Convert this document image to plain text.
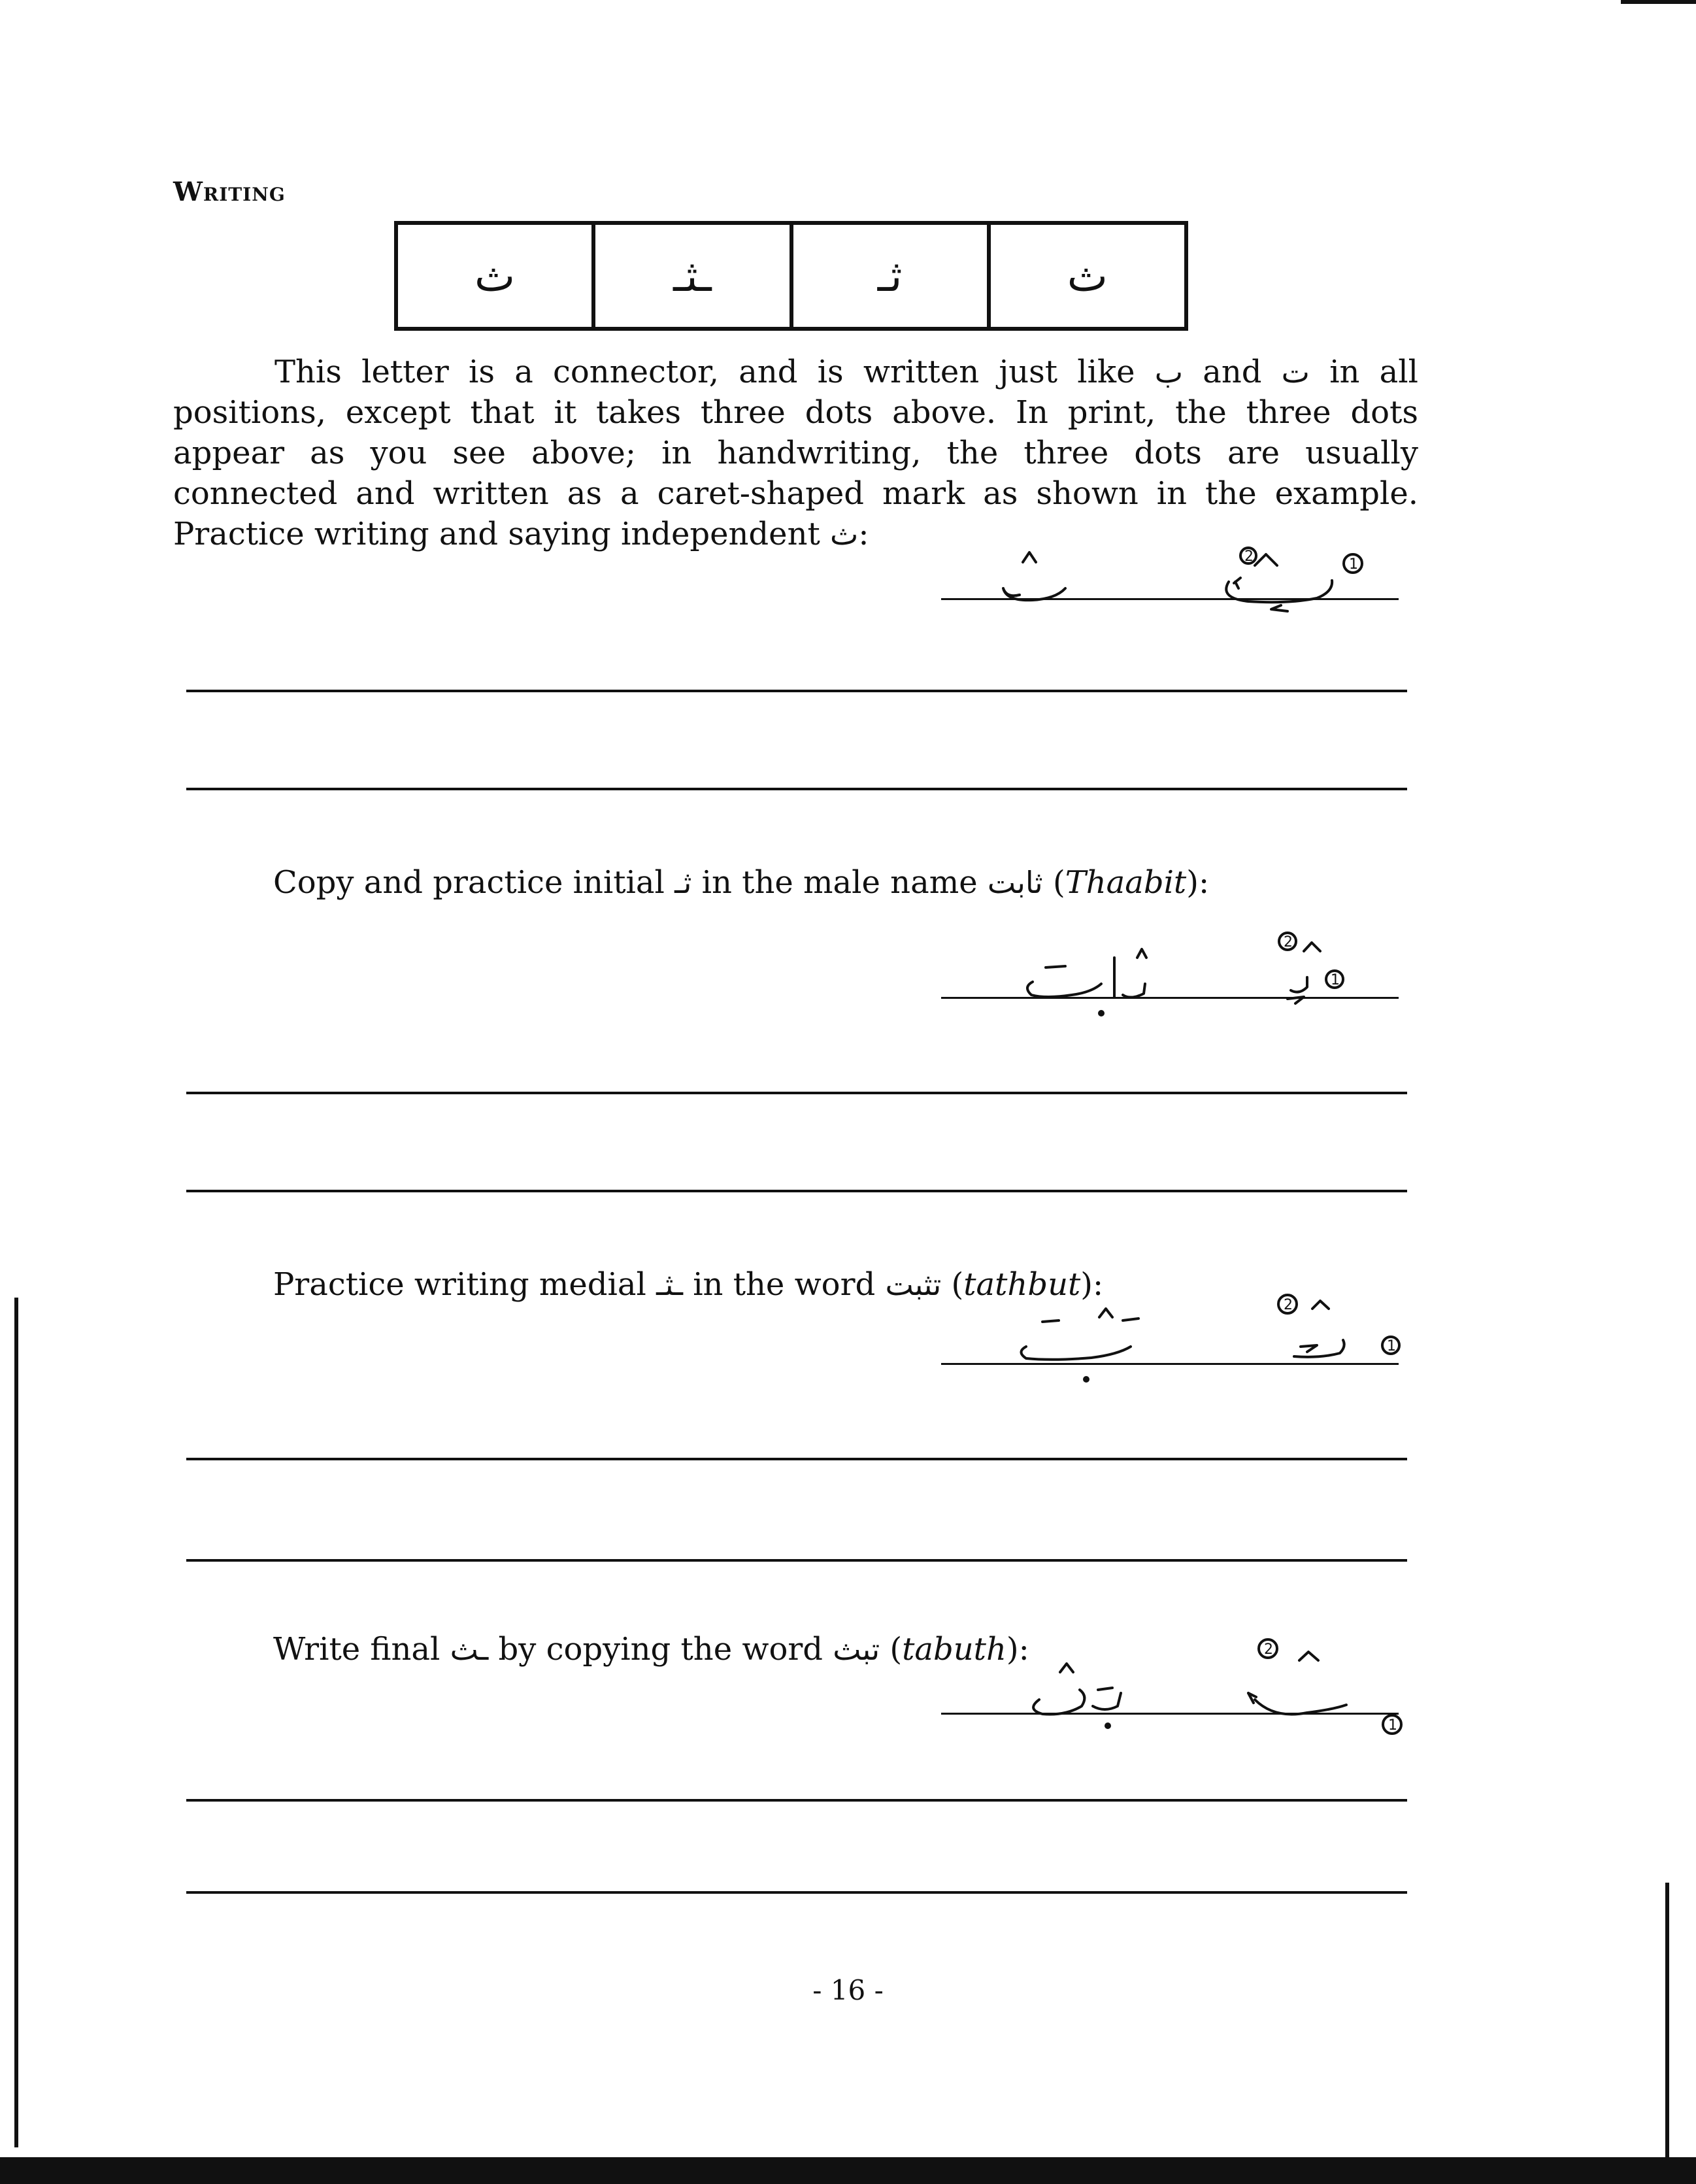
Writing
ث	ـثـ	ثـ	ث

This letter is a connector, and is written just like ب and ت in all positions, except that it takes three dots above. In print, the three dots appear as you see above; in handwriting, the three dots are usually connected and written as a caret-shaped mark as shown in the example. Practice writing and saying independent ث:

2	1
Copy and practice initial ثـ in the male name ثابت (Thaabit):
2
1
Practice writing medial ـثـ in the word تثبت (tathbut):
2
1
Write final ـث by copying the word تبث (tabuth):	2
1
- 16 -
